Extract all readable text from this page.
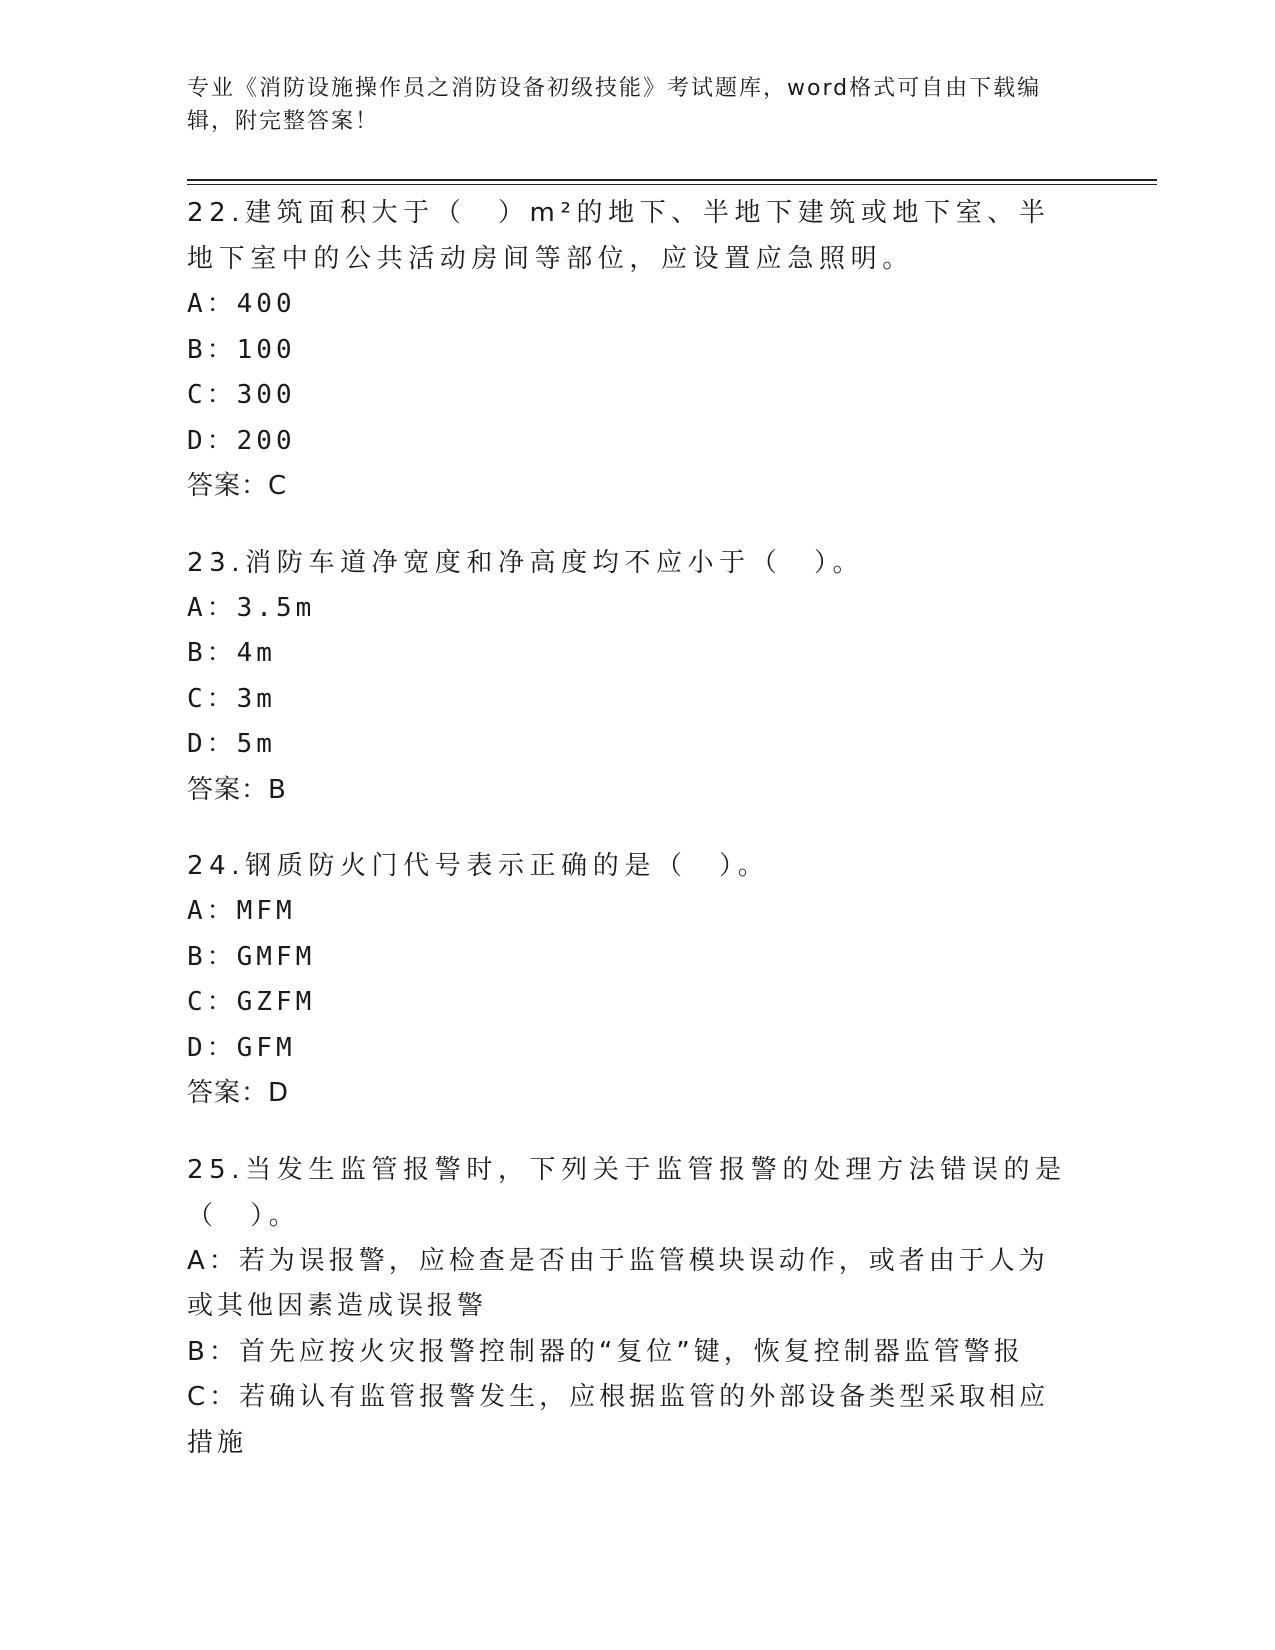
专业《消防设施操作员之消防设备初级技能》考试题库，word格式可自由下载编辑，附完整答案！

22.建筑面积大于（　）m²的地下、半地下建筑或地下室、半地下室中的公共活动房间等部位，应设置应急照明。

A：400
B：100
C：300
D：200
答案：C

23.消防车道净宽度和净高度均不应小于（　）。

A：3.5m
B：4m
C：3m
D：5m
答案：B

24.钢质防火门代号表示正确的是（　）。

A：MFM
B：GMFM
C：GZFM
D：GFM
答案：D

25.当发生监管报警时，下列关于监管报警的处理方法错误的是（　）。

A：若为误报警，应检查是否由于监管模块误动作，或者由于人为或其他因素造成误报警
B：首先应按火灾报警控制器的“复位”键，恢复控制器监管警报
C：若确认有监管报警发生，应根据监管的外部设备类型采取相应措施
